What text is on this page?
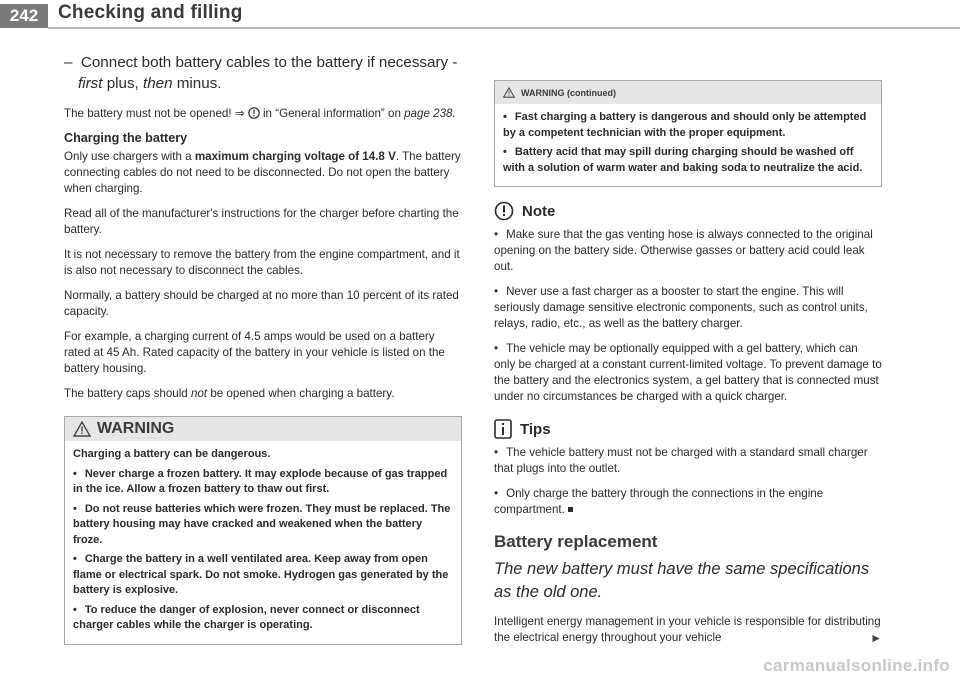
242	Checking and filling

–  Connect both battery cables to the battery if necessary - first plus, then minus.

The battery must not be opened! ⇒  in “General information” on page 238.

Charging the battery

Only use chargers with a maximum charging voltage of 14.8 V. The battery connecting cables do not need to be disconnected. Do not open the battery when charging.

Read all of the manufacturer's instructions for the charger before charting the battery.

It is not necessary to remove the battery from the engine compartment, and it is also not necessary to disconnect the cables.

Normally, a battery should be charged at no more than 10 percent of its rated capacity.

For example, a charging current of 4.5 amps would be used on a battery rated at 45 Ah. Rated capacity of the battery in your vehicle is listed on the battery housing.

The battery caps should not be opened when charging a battery.

WARNING

Charging a battery can be dangerous.

• Never charge a frozen battery. It may explode because of gas trapped in the ice. Allow a frozen battery to thaw out first.

• Do not reuse batteries which were frozen. They must be replaced. The battery housing may have cracked and weakened when the battery froze.

• Charge the battery in a well ventilated area. Keep away from open flame or electrical spark. Do not smoke. Hydrogen gas generated by the battery is explosive.

• To reduce the danger of explosion, never connect or disconnect charger cables while the charger is operating.

WARNING (continued)

• Fast charging a battery is dangerous and should only be attempted by a competent technician with the proper equipment.

• Battery acid that may spill during charging should be washed off with a solution of warm water and baking soda to neutralize the acid.

Note

• Make sure that the gas venting hose is always connected to the original opening on the battery side. Otherwise gasses or battery acid could leak out.

• Never use a fast charger as a booster to start the engine. This will seriously damage sensitive electronic components, such as control units, relays, radio, etc., as well as the battery charger.

• The vehicle may be optionally equipped with a gel battery, which can only be charged at a constant current-limited voltage. To prevent damage to the battery and the electronics system, a gel battery that is connected must under no circumstances be charged with a quick charger.

Tips

• The vehicle battery must not be charged with a standard small charger that plugs into the outlet.

• Only charge the battery through the connections in the engine compartment.

Battery replacement

The new battery must have the same specifications as the old one.

Intelligent energy management in your vehicle is responsible for distributing the electrical energy throughout your vehicle	►

carmanualsonline.info
